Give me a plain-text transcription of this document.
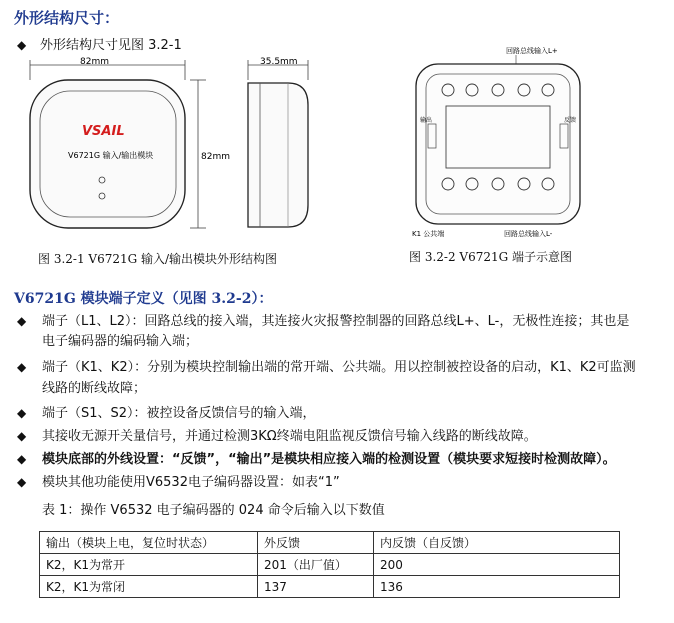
外形结构尺寸：
◆ 外形结构尺寸见图 3.2-1
82mm
VSAIL
V6721G 输入/输出模块	82mm
35.5mm
图 3.2-1 V6721G 输入/输出模块外形结构图
回路总线输入L+
输出	反馈
K1 公共端	回路总线输入L-
图 3.2-2 V6721G 端子示意图
V6721G 模块端子定义（见图 3.2-2）：
◆ 端子（L1、L2）：回路总线的接入端，其连接火灾报警控制器的回路总线L+、L-，无极性连接；其也是
电子编码器的编码输入端；
◆ 端子（K1、K2）：分别为模块控制输出端的常开端、公共端。用以控制被控设备的启动，K1、K2可监测
线路的断线故障；
◆ 端子（S1、S2）：被控设备反馈信号的输入端，
◆ 其接收无源开关量信号，并通过检测3KΩ终端电阻监视反馈信号输入线路的断线故障。
◆ 模块底部的外线设置：“反馈”，“输出”是模块相应接入端的检测设置（模块要求短接时检测故障）。
◆ 模块其他功能使用V6532电子编码器设置：如表“1”
表 1：操作 V6532 电子编码器的 024 命令后输入以下数值
输出（模块上电，复位时状态）	外反馈	内反馈（自反馈）
K2，K1为常开	201（出厂值）	200
K2，K1为常闭	137	136
